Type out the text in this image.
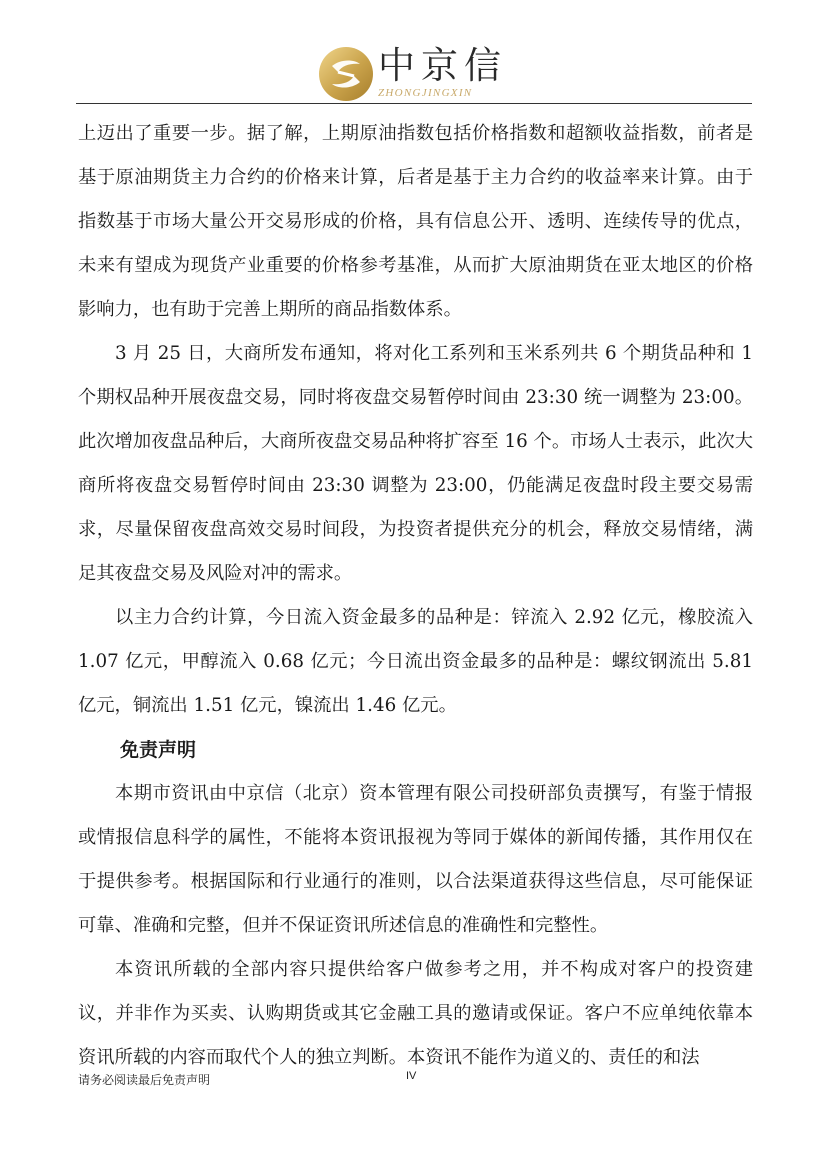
中京信
ZHONGJINGXIN

上迈出了重要一步。据了解，上期原油指数包括价格指数和超额收益指数，前者是基于原油期货主力合约的价格来计算，后者是基于主力合约的收益率来计算。由于指数基于市场大量公开交易形成的价格，具有信息公开、透明、连续传导的优点，未来有望成为现货产业重要的价格参考基准，从而扩大原油期货在亚太地区的价格影响力，也有助于完善上期所的商品指数体系。

3 月 25 日，大商所发布通知，将对化工系列和玉米系列共 6 个期货品种和 1 个期权品种开展夜盘交易，同时将夜盘交易暂停时间由 23:30 统一调整为 23:00。此次增加夜盘品种后，大商所夜盘交易品种将扩容至 16 个。市场人士表示，此次大商所将夜盘交易暂停时间由 23:30 调整为 23:00，仍能满足夜盘时段主要交易需求，尽量保留夜盘高效交易时间段，为投资者提供充分的机会，释放交易情绪，满足其夜盘交易及风险对冲的需求。

以主力合约计算，今日流入资金最多的品种是：锌流入 2.92 亿元，橡胶流入 1.07 亿元，甲醇流入 0.68 亿元；今日流出资金最多的品种是：螺纹钢流出 5.81 亿元，铜流出 1.51 亿元，镍流出 1.46 亿元。

免责声明

本期市资讯由中京信（北京）资本管理有限公司投研部负责撰写，有鉴于情报或情报信息科学的属性，不能将本资讯报视为等同于媒体的新闻传播，其作用仅在于提供参考。根据国际和行业通行的准则，以合法渠道获得这些信息，尽可能保证可靠、准确和完整，但并不保证资讯所述信息的准确性和完整性。

本资讯所载的全部内容只提供给客户做参考之用，并不构成对客户的投资建议，并非作为买卖、认购期货或其它金融工具的邀请或保证。客户不应单纯依靠本资讯所载的内容而取代个人的独立判断。本资讯不能作为道义的、责任的和法

请务必阅读最后免责声明	IV
